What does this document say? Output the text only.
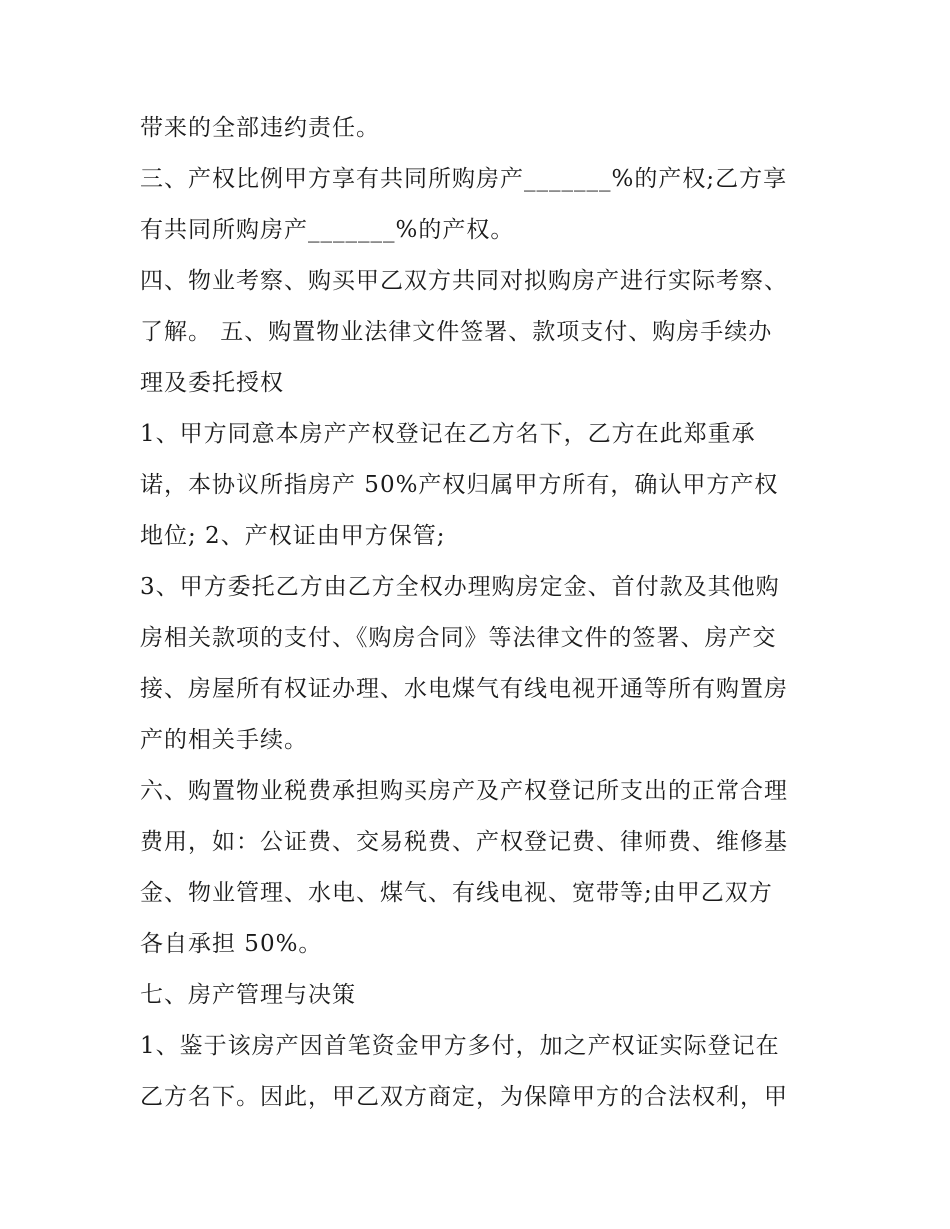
带来的全部违约责任。
三、产权比例甲方享有共同所购房产_______%的产权;乙方享
有共同所购房产_______%的产权。
四、物业考察、购买甲乙双方共同对拟购房产进行实际考察、
了解。 五、购置物业法律文件签署、款项支付、购房手续办
理及委托授权
1、甲方同意本房产产权登记在乙方名下，乙方在此郑重承
诺，本协议所指房产 50%产权归属甲方所有，确认甲方产权
地位; 2、产权证由甲方保管;
3、甲方委托乙方由乙方全权办理购房定金、首付款及其他购
房相关款项的支付、《购房合同》等法律文件的签署、房产交
接、房屋所有权证办理、水电煤气有线电视开通等所有购置房
产的相关手续。
六、购置物业税费承担购买房产及产权登记所支出的正常合理
费用，如：公证费、交易税费、产权登记费、律师费、维修基
金、物业管理、水电、煤气、有线电视、宽带等;由甲乙双方
各自承担 50%。
七、房产管理与决策
1、鉴于该房产因首笔资金甲方多付，加之产权证实际登记在
乙方名下。因此，甲乙双方商定，为保障甲方的合法权利，甲
